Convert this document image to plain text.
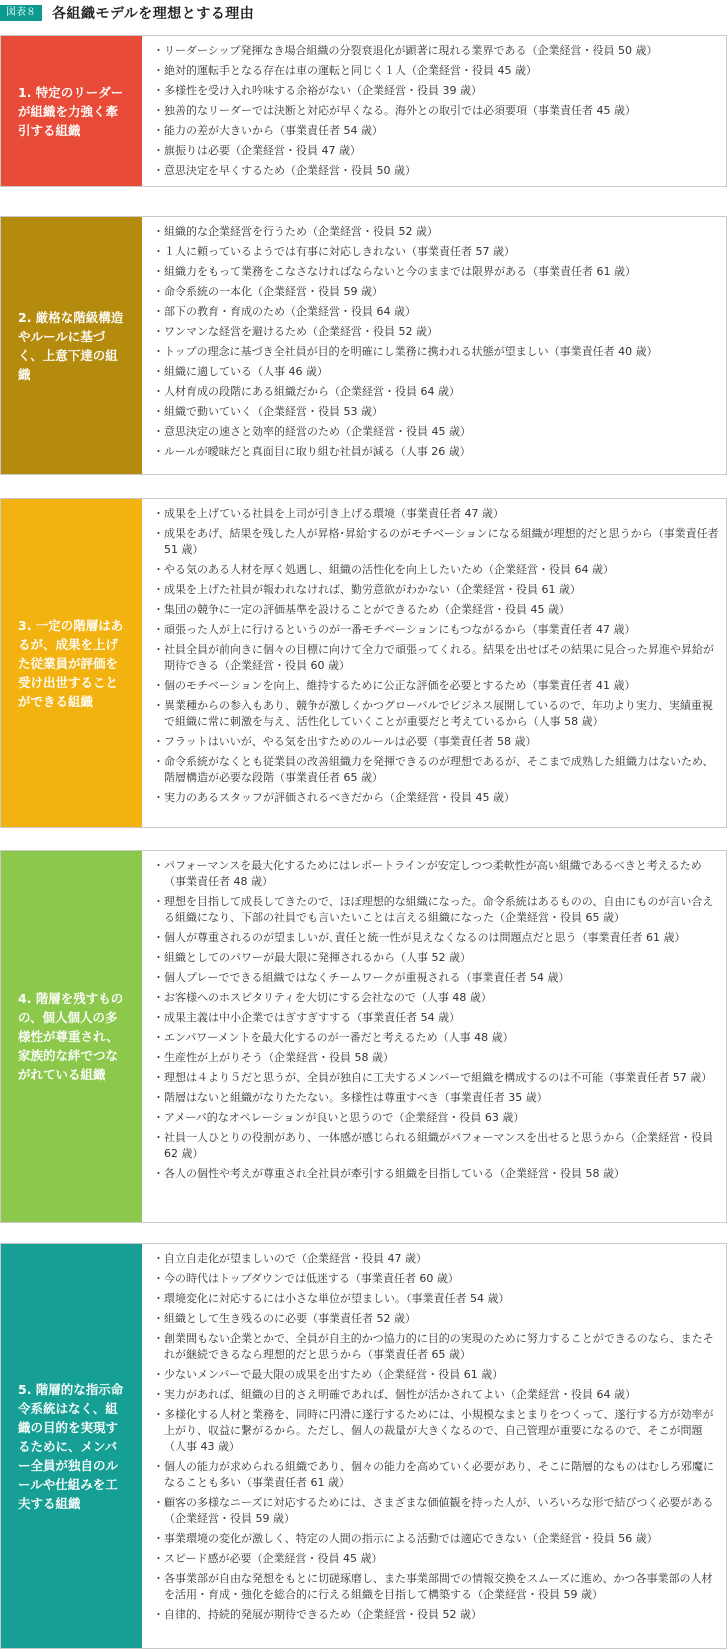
図表８	各組織モデルを理想とする理由
1. 特定のリーダーが組織を力強く牽引する組織
・ リーダーシップ発揮なき場合組織の分裂衰退化が顕著に現れる業界である（企業経営・役員 50 歳）
・ 絶対的運転手となる存在は車の運転と同じく１人（企業経営・役員 45 歳）
・ 多様性を受け入れ吟味する余裕がない（企業経営・役員 39 歳）
・ 独善的なリーダーでは決断と対応が早くなる。海外との取引では必須要項（事業責任者 45 歳）
・ 能力の差が大きいから（事業責任者 54 歳）
・ 旗振りは必要（企業経営・役員 47 歳）
・ 意思決定を早くするため（企業経営・役員 50 歳）
2. 厳格な階級構造やルールに基づく、上意下達の組織
・ 組織的な企業経営を行うため（企業経営・役員 52 歳）
・ １人に頼っているようでは有事に対応しきれない（事業責任者 57 歳）
・ 組織力をもって業務をこなさなければならないと今のままでは限界がある（事業責任者 61 歳）
・ 命令系統の一本化（企業経営・役員 59 歳）
・ 部下の教育・育成のため（企業経営・役員 64 歳）
・ ワンマンな経営を避けるため（企業経営・役員 52 歳）
・ トップの理念に基づき全社員が目的を明確にし業務に携われる状態が望ましい（事業責任者 40 歳）
・ 組織に適している（人事 46 歳）
・ 人材育成の段階にある組織だから（企業経営・役員 64 歳）
・ 組織で動いていく（企業経営・役員 53 歳）
・ 意思決定の速さと効率的経営のため（企業経営・役員 45 歳）
・ ルールが曖昧だと真面目に取り組む社員が減る（人事 26 歳）
3. 一定の階層はあるが、成果を上げた従業員が評価を受け出世することができる組織
・ 成果を上げている社員を上司が引き上げる環境（事業責任者 47 歳）
・ 成果をあげ、結果を残した人が昇格･昇給するのがモチベーションになる組織が理想的だと思うから（事業責任者 51 歳）
・ やる気のある人材を厚く処遇し、組織の活性化を向上したいため（企業経営・役員 64 歳）
・ 成果を上げた社員が報われなければ、勤労意欲がわかない（企業経営・役員 61 歳）
・ 集団の競争に一定の評価基準を設けることができるため（企業経営・役員 45 歳）
・ 頑張った人が上に行けるというのが一番モチベーションにもつながるから（事業責任者 47 歳）
・ 社員全員が前向きに個々の目標に向けて全力で頑張ってくれる。結果を出せばその結果に見合った昇進や昇給が期待できる（企業経営・役員 60 歳）
・ 個のモチベーションを向上、維持するために公正な評価を必要とするため（事業責任者 41 歳）
・ 異業種からの参入もあり、競争が激しくかつグローバルでビジネス展開しているので、年功より実力、実績重視で組織に常に刺激を与え、活性化していくことが重要だと考えているから（人事 58 歳）
・ フラットはいいが、やる気を出すためのルールは必要（事業責任者 58 歳）
・ 命令系統がなくとも従業員の改善組織力を発揮できるのが理想であるが、そこまで成熟した組織力はないため、階層構造が必要な段階（事業責任者 65 歳）
・ 実力のあるスタッフが評価されるべきだから（企業経営・役員 45 歳）
4. 階層を残すものの、個人個人の多様性が尊重され、家族的な絆でつながれている組織
・ パフォーマンスを最大化するためにはレポートラインが安定しつつ柔軟性が高い組織であるべきと考えるため（事業責任者 48 歳）
・ 理想を目指して成長してきたので、ほぼ理想的な組織になった。命令系統はあるものの、自由にものが言い合える組織になり、下部の社員でも言いたいことは言える組織になった（企業経営・役員 65 歳）
・ 個人が尊重されるのが望ましいが､責任と統一性が見えなくなるのは問題点だと思う（事業責任者 61 歳）
・ 組織としてのパワーが最大限に発揮されるから（人事 52 歳）
・ 個人プレーでできる組織ではなくチームワークが重視される（事業責任者 54 歳）
・ お客様へのホスピタリティを大切にする会社なので（人事 48 歳）
・ 成果主義は中小企業ではぎすぎすする（事業責任者 54 歳）
・ エンパワーメントを最大化するのが一番だと考えるため（人事 48 歳）
・ 生産性が上がりそう（企業経営・役員 58 歳）
・ 理想は４より５だと思うが、全員が独自に工夫するメンバーで組織を構成するのは不可能（事業責任者 57 歳）
・ 階層はないと組織がなりたたない。多様性は尊重すべき（事業責任者 35 歳）
・ アメーバ的なオペレーションが良いと思うので（企業経営・役員 63 歳）
・ 社員一人ひとりの役割があり、一体感が感じられる組織がパフォーマンスを出せると思うから（企業経営・役員 62 歳）
・ 各人の個性や考えが尊重され全社員が牽引する組織を目指している（企業経営・役員 58 歳）
5. 階層的な指示命令系統はなく、組織の目的を実現するために、メンバー全員が独自のルールや仕組みを工夫する組織
・ 自立自走化が望ましいので（企業経営・役員 47 歳）
・ 今の時代はトップダウンでは低迷する（事業責任者 60 歳）
・ 環境変化に対応するには小さな単位が望ましい。（事業責任者 54 歳）
・ 組織として生き残るのに必要（事業責任者 52 歳）
・ 創業間もない企業とかで、全員が自主的かつ協力的に目的の実現のために努力することができるのなら、またそれが継続できるなら理想的だと思うから（事業責任者 65 歳）
・ 少ないメンバーで最大限の成果を出すため（企業経営・役員 61 歳）
・ 実力があれば、組織の目的さえ明確であれば、個性が活かされてよい（企業経営・役員 64 歳）
・ 多様化する人材と業務を、同時に円滑に遂行するためには、小規模なまとまりをつくって、遂行する方が効率が上がり、収益に繋がるから。ただし、個人の裁量が大きくなるので、自己管理が重要になるので、そこが問題（人事 43 歳）
・ 個人の能力が求められる組織であり、個々の能力を高めていく必要があり、そこに階層的なものはむしろ邪魔になることも多い（事業責任者 61 歳）
・ 顧客の多様なニーズに対応するためには、さまざまな価値観を持った人が、いろいろな形で結びつく必要がある（企業経営・役員 59 歳）
・ 事業環境の変化が激しく、特定の人間の指示による活動では適応できない（企業経営・役員 56 歳）
・ スピード感が必要（企業経営・役員 45 歳）
・ 各事業部が自由な発想をもとに切磋琢磨し、また事業部間での情報交換をスムーズに進め、かつ各事業部の人材を活用・育成・強化を総合的に行える組織を目指して構築する（企業経営・役員 59 歳）
・ 自律的、持続的発展が期待できるため（企業経営・役員 52 歳）
